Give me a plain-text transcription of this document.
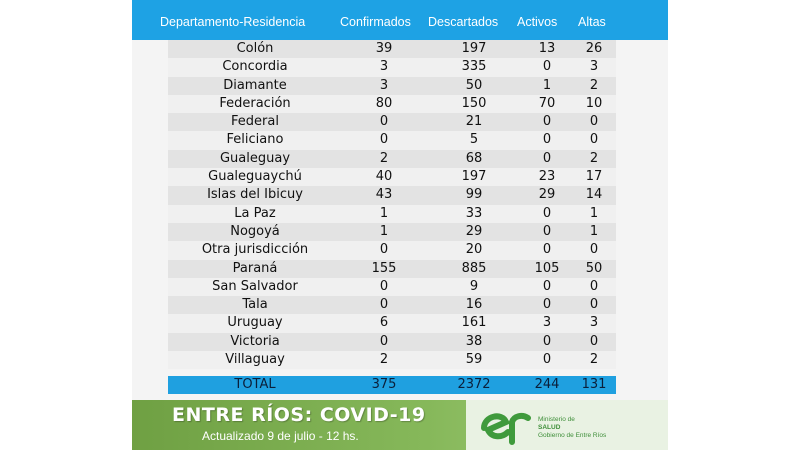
Departamento-Residencia	Confirmados Descartados Activos Altas
Colón	39	197	13	26
Concordia	3	335	0	3
Diamante	3	50	1	2
Federación	80	150	70	10
Federal	0	21	0	0
Feliciano	0	5	0	0
Gualeguay	2	68	0	2
Gualeguaychú	40	197	23	17
Islas del Ibicuy	43	99	29	14
La Paz	1	33	0	1
Nogoyá	1	29	0	1
Otra jurisdicción	0	20	0	0
Paraná	155	885	105	50
San Salvador	0	9	0	0
Tala	0	16	0	0
Uruguay	6	161	3	3
Victoria	0	38	0	0
Villaguay	2	59	0	2
TOTAL	375	2372	244	131
ENTRE RÍOS: COVID-19
Actualizado 9 de julio - 12 hs.
Ministerio de
SALUD
Gobierno de Entre Ríos
